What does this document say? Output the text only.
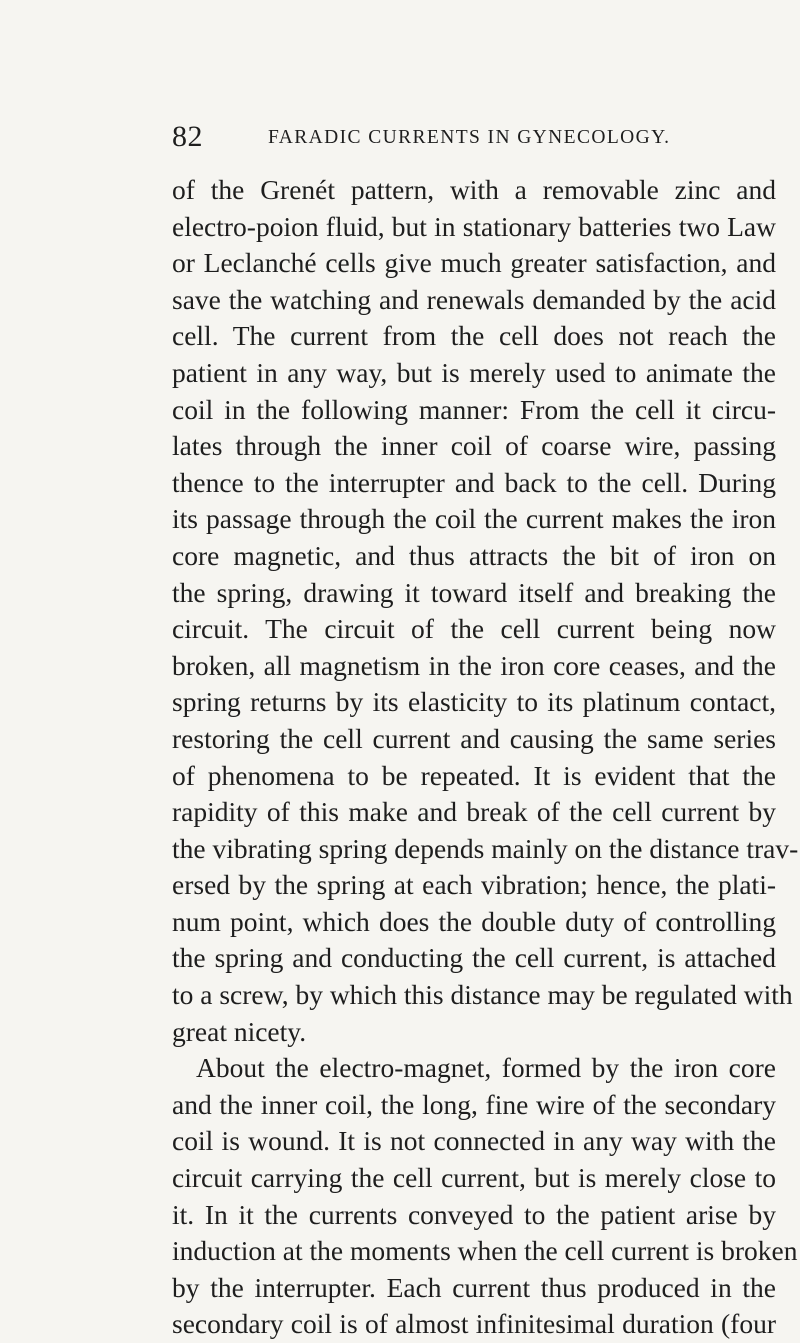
82	FARADIC CURRENTS IN GYNECOLOGY.
of the Grenét pattern, with a removable zinc and
electro-poion fluid, but in stationary batteries two Law
or Leclanché cells give much greater satisfaction, and
save the watching and renewals demanded by the acid
cell. The current from the cell does not reach the
patient in any way, but is merely used to animate the
coil in the following manner: From the cell it circu-
lates through the inner coil of coarse wire, passing
thence to the interrupter and back to the cell. During
its passage through the coil the current makes the iron
core magnetic, and thus attracts the bit of iron on
the spring, drawing it toward itself and breaking the
circuit. The circuit of the cell current being now
broken, all magnetism in the iron core ceases, and the
spring returns by its elasticity to its platinum contact,
restoring the cell current and causing the same series
of phenomena to be repeated. It is evident that the
rapidity of this make and break of the cell current by
the vibrating spring depends mainly on the distance trav-
ersed by the spring at each vibration; hence, the plati-
num point, which does the double duty of controlling
the spring and conducting the cell current, is attached
to a screw, by which this distance may be regulated with
great nicety.
About the electro-magnet, formed by the iron core
and the inner coil, the long, fine wire of the secondary
coil is wound. It is not connected in any way with the
circuit carrying the cell current, but is merely close to
it. In it the currents conveyed to the patient arise by
induction at the moments when the cell current is broken
by the interrupter. Each current thus produced in the
secondary coil is of almost infinitesimal duration (four
